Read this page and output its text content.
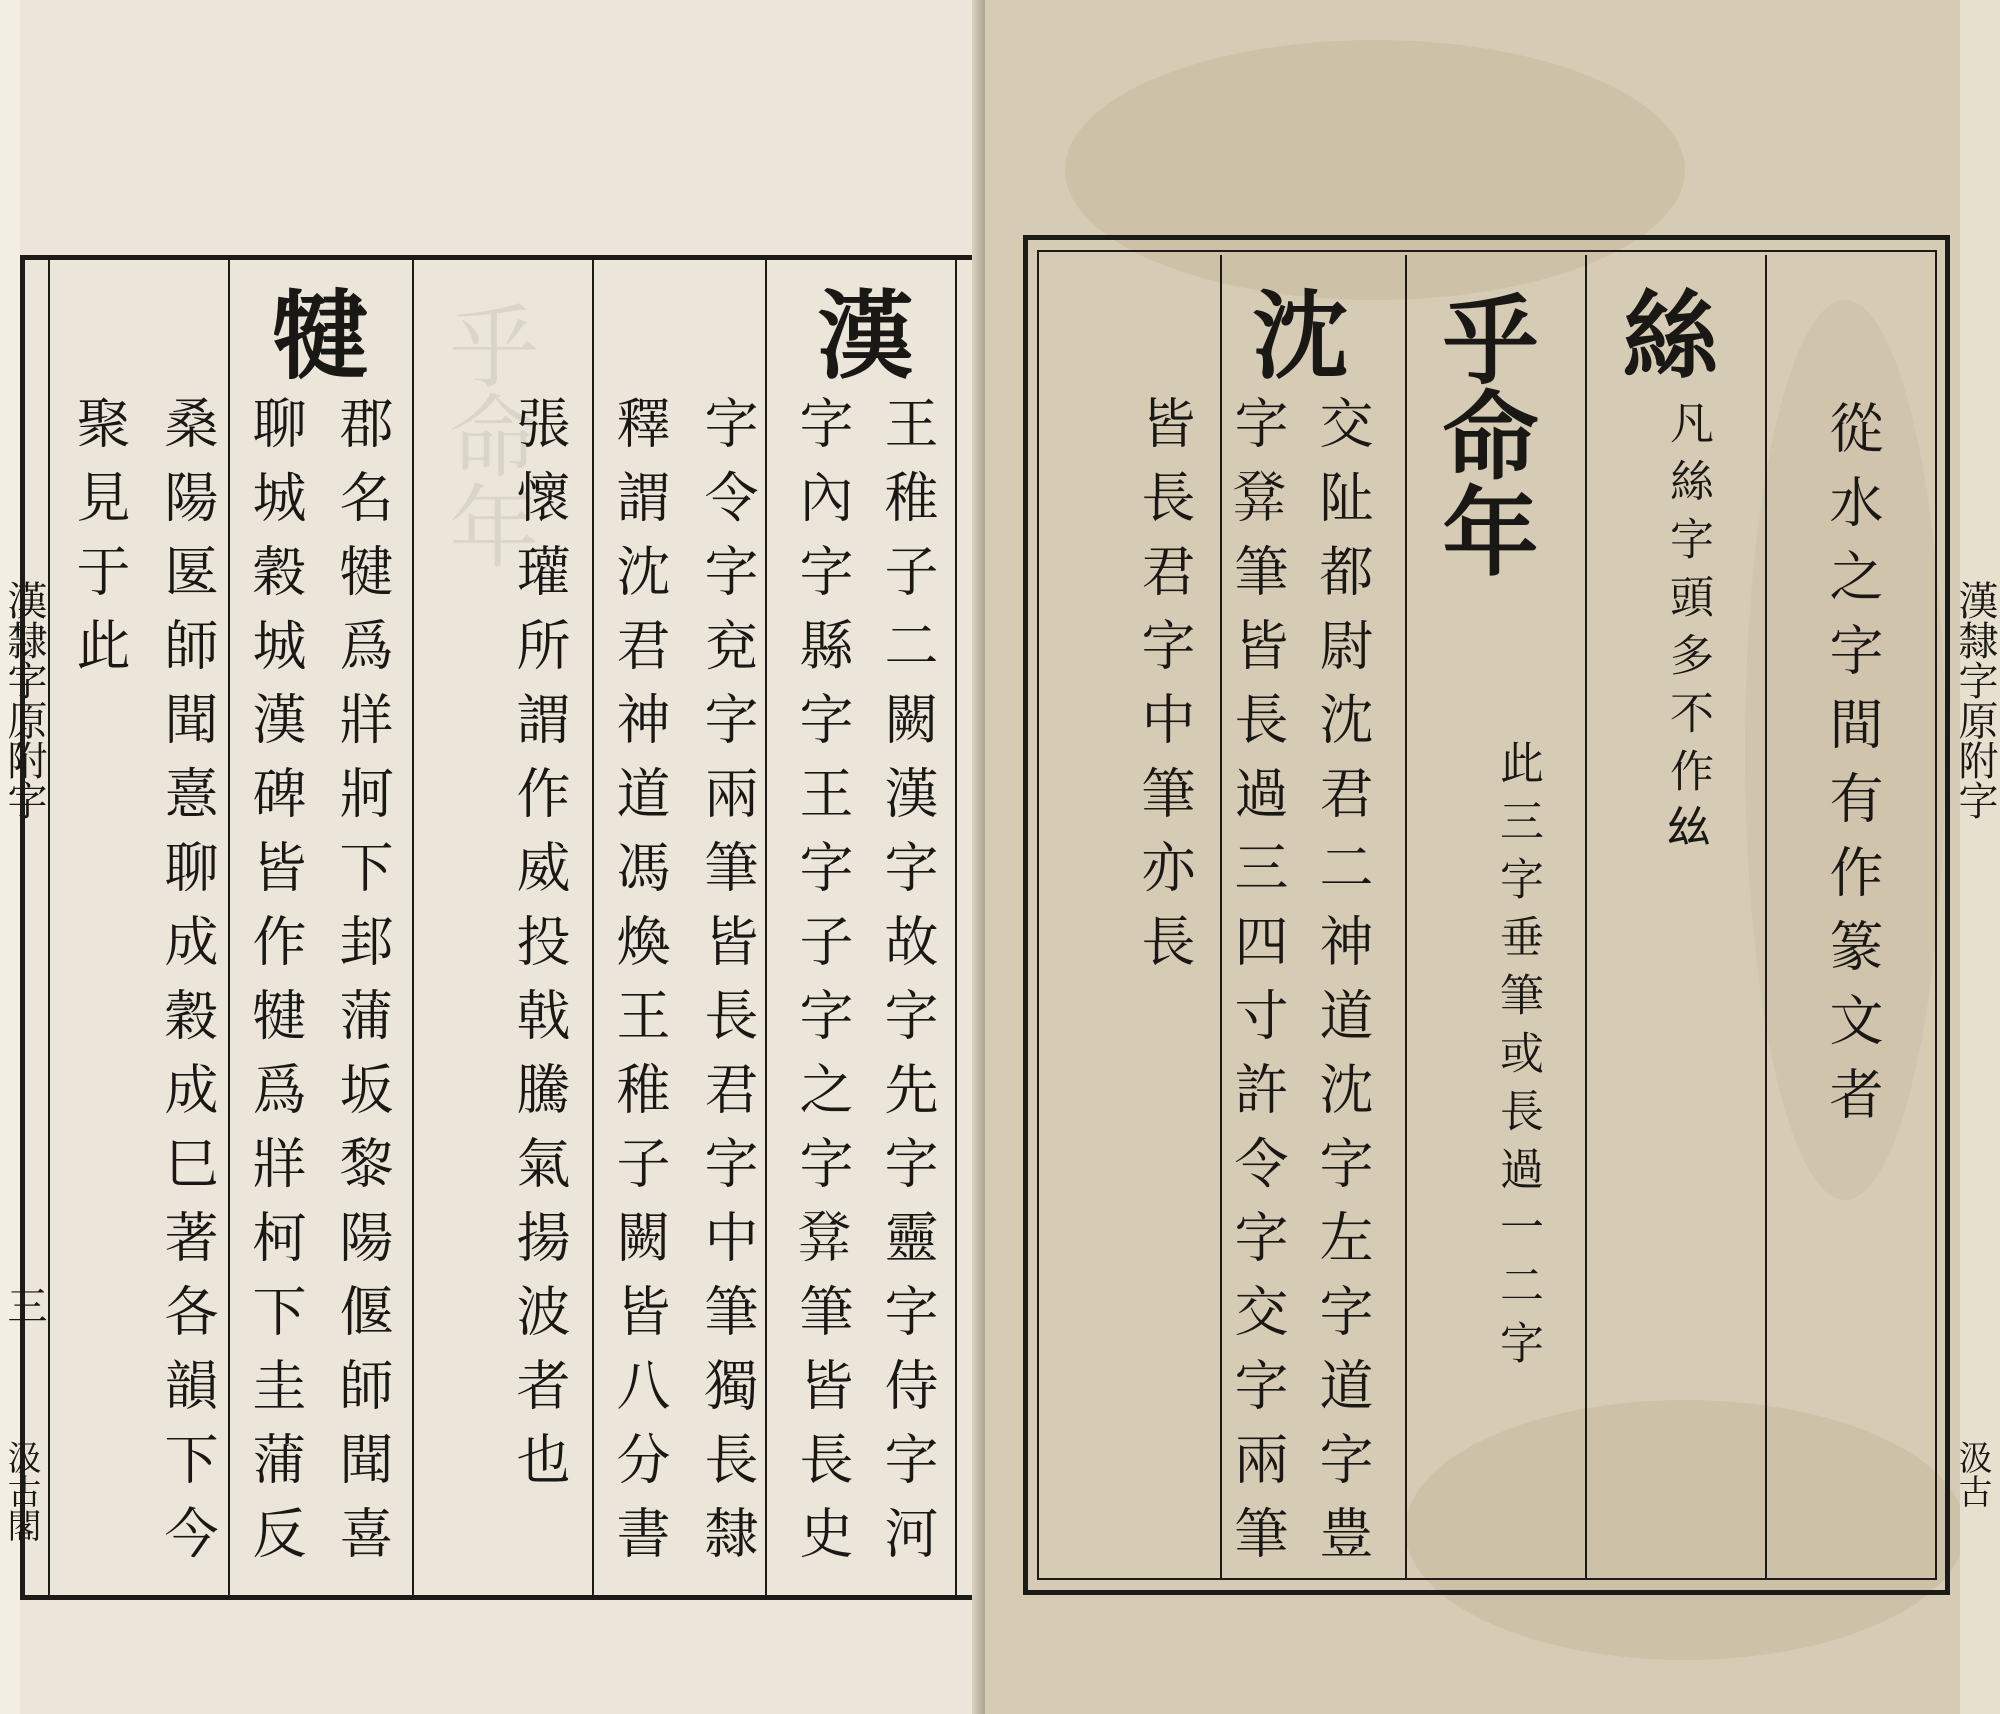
漢隸字原附字
三
汲古閣
乎命年	漢
王稚子二闕漢字故字先字靈字侍字河
字內字縣字王字子字之字𤼷筆皆長史
字令字兗字兩筆皆長君字中筆獨長隸
釋謂沈君神道馮煥王稚子闕皆八分書
張懷瓘所謂作威投戟騰氣揚波者也
犍
郡名犍爲牂牁下邽蒲坂黎陽偃師聞喜
聊城穀城漢碑皆作犍爲牂柯下圭蒲反
桑陽匽師聞憙聊成穀成巳著各韻下今
聚見于此
漢隸字原附字
汲古
從水之字間有作篆文者
絲
凡絲字頭多不作𢆶
乎命年
此三字垂筆或長過一二字
沈
交阯都尉沈君二神道沈字左字道字豊
字𤼷筆皆長過三四寸許令字交字兩筆
皆長君字中筆亦長
